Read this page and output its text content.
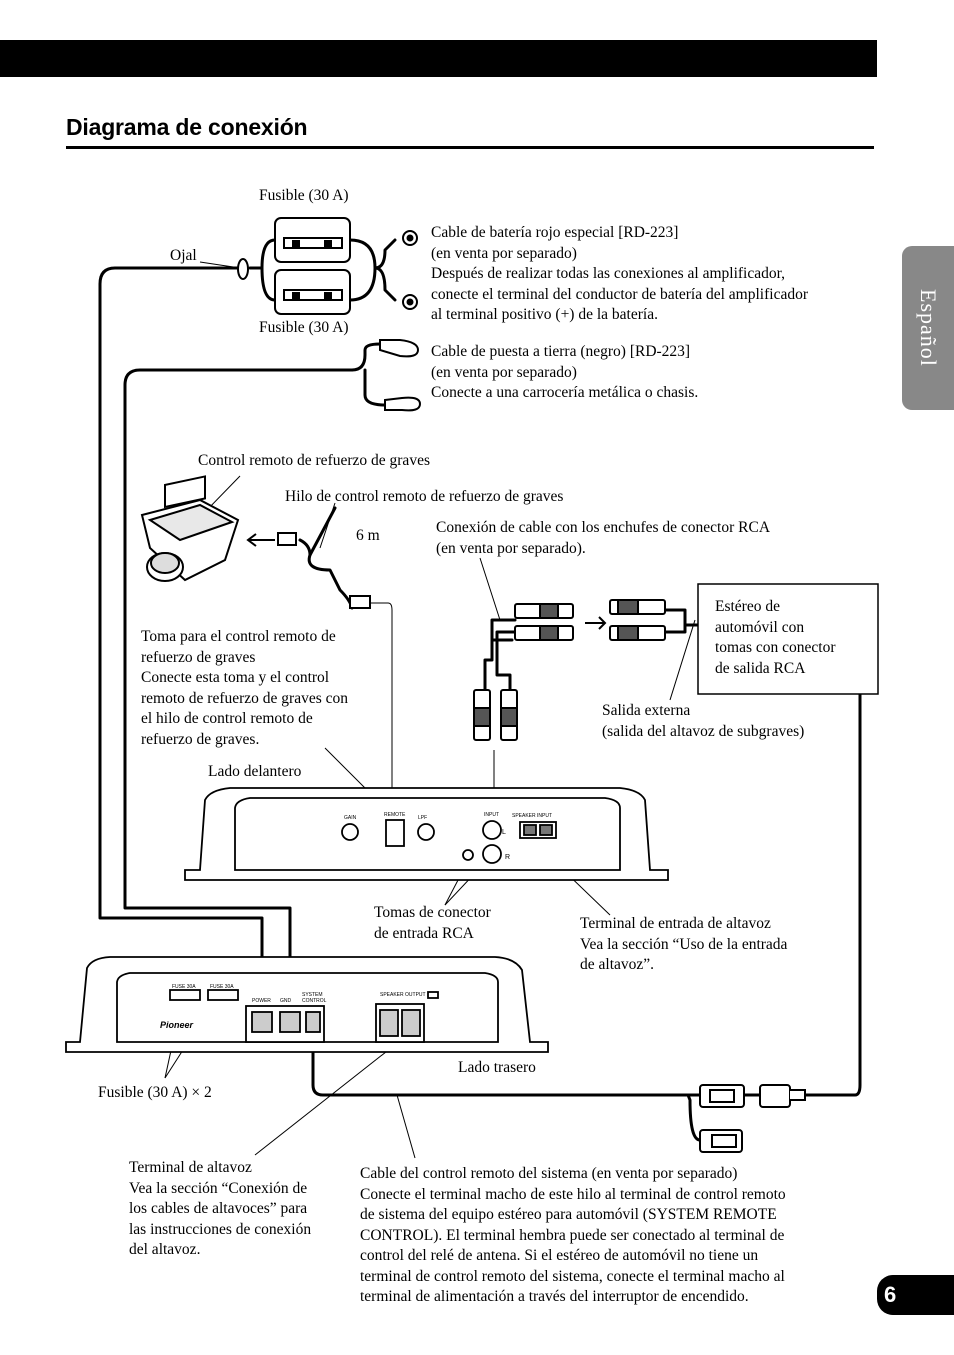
Diagrama de conexión
Español
6
GAIN	LPF
REMOTE	INPUT	SPEAKER INPUT
L
R
FUSE 30A	FUSE 30A
POWER GND
SYSTEM CONTROL
SPEAKER OUTPUT
Pioneer
Fusible (30 A)
Fusible (30 A)
Ojal
Cable de batería rojo especial [RD-223]
(en venta por separado)
Después de realizar todas las conexiones al amplificador,
conecte el terminal del conductor de batería del amplificador
al terminal positivo (+) de la batería.
Cable de puesta a tierra (negro) [RD-223]
(en venta por separado)
Conecte a una carrocería metálica o chasis.
Control remoto de refuerzo de graves
Hilo de control remoto de refuerzo de graves
6 m	Conexión de cable con los enchufes de conector RCA
(en venta por separado).
Estéreo de
automóvil con
tomas con conector
de salida RCA
Toma para el control remoto de
refuerzo de graves
Conecte esta toma y el control
remoto de refuerzo de graves con
el hilo de control remoto de
refuerzo de graves.
Salida externa
(salida del altavoz de subgraves)
Lado delantero
Tomas de conector
de entrada RCA
Terminal de entrada de altavoz
Vea la sección “Uso de la entrada
de altavoz”.
Lado trasero
Fusible (30 A) × 2
Terminal de altavoz
Vea la sección “Conexión de
los cables de altavoces” para
las instrucciones de conexión
del altavoz.
Cable del control remoto del sistema (en venta por separado)
Conecte el terminal macho de este hilo al terminal de control remoto
de sistema del equipo estéreo para automóvil (SYSTEM REMOTE
CONTROL). El terminal hembra puede ser conectado al terminal de
control del relé de antena. Si el estéreo de automóvil no tiene un
terminal de control remoto del sistema, conecte el terminal macho al
terminal de alimentación a través del interruptor de encendido.
